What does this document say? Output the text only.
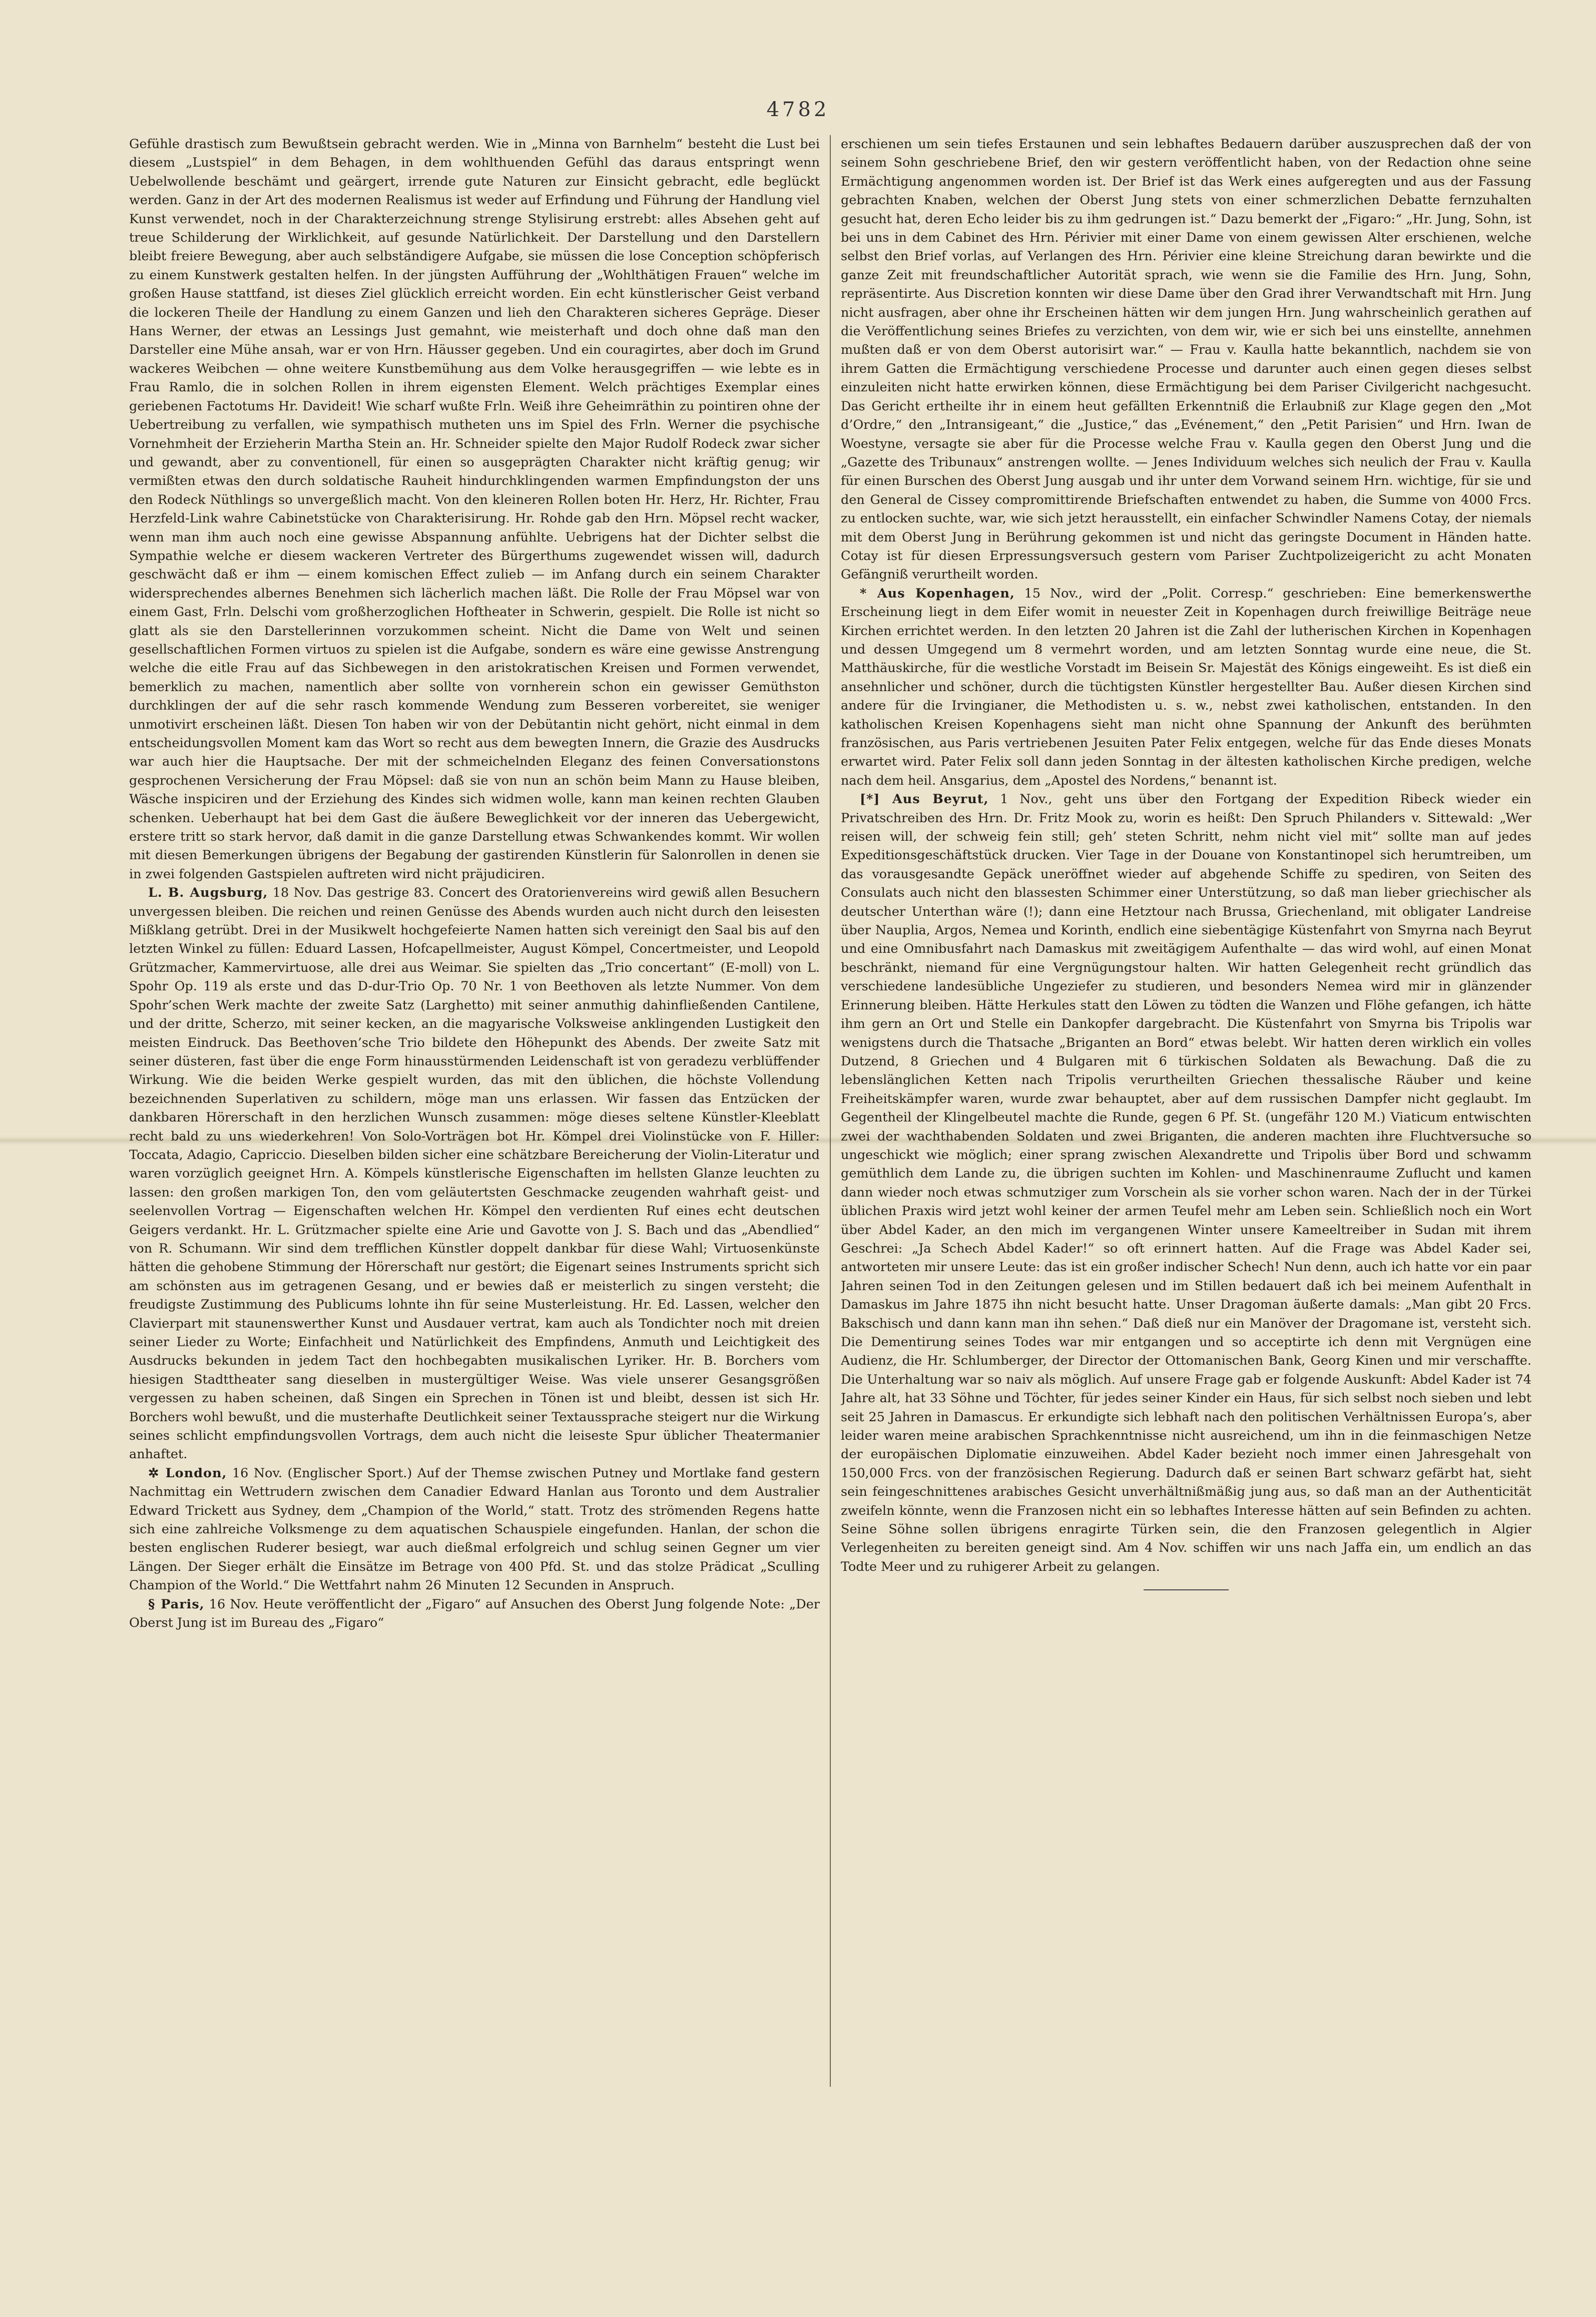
4782

Gefühle drastisch zum Bewußtsein gebracht werden. Wie in „Minna von Barnhelm“ besteht die Lust bei diesem „Lustspiel“ in dem Behagen, in dem wohlthuenden Gefühl das daraus entspringt wenn Uebelwollende beschämt und geärgert, irrende gute Naturen zur Einsicht gebracht, edle beglückt werden. Ganz in der Art des modernen Realismus ist weder auf Erfindung und Führung der Handlung viel Kunst verwendet, noch in der Charakterzeichnung strenge Stylisirung erstrebt: alles Absehen geht auf treue Schilderung der Wirklichkeit, auf gesunde Natürlichkeit. Der Darstellung und den Darstellern bleibt freiere Bewegung, aber auch selbständigere Aufgabe, sie müssen die lose Conception schöpferisch zu einem Kunstwerk gestalten helfen. In der jüngsten Aufführung der „Wohlthätigen Frauen“ welche im großen Hause stattfand, ist dieses Ziel glücklich erreicht worden. Ein echt künstlerischer Geist verband die lockeren Theile der Handlung zu einem Ganzen und lieh den Charakteren sicheres Gepräge. Dieser Hans Werner, der etwas an Lessings Just gemahnt, wie meisterhaft und doch ohne daß man den Darsteller eine Mühe ansah, war er von Hrn. Häusser gegeben. Und ein couragirtes, aber doch im Grund wackeres Weibchen — ohne weitere Kunstbemühung aus dem Volke herausgegriffen — wie lebte es in Frau Ramlo, die in solchen Rollen in ihrem eigensten Element. Welch prächtiges Exemplar eines geriebenen Factotums Hr. Davideit! Wie scharf wußte Frln. Weiß ihre Geheimräthin zu pointiren ohne der Uebertreibung zu verfallen, wie sympathisch mutheten uns im Spiel des Frln. Werner die psychische Vornehmheit der Erzieherin Martha Stein an. Hr. Schneider spielte den Major Rudolf Rodeck zwar sicher und gewandt, aber zu conventionell, für einen so ausgeprägten Charakter nicht kräftig genug; wir vermißten etwas den durch soldatische Rauheit hindurchklingenden warmen Empfindungston der uns den Rodeck Nüthlings so unvergeßlich macht. Von den kleineren Rollen boten Hr. Herz, Hr. Richter, Frau Herzfeld-Link wahre Cabinetstücke von Charakterisirung. Hr. Rohde gab den Hrn. Möpsel recht wacker, wenn man ihm auch noch eine gewisse Abspannung anfühlte. Uebrigens hat der Dichter selbst die Sympathie welche er diesem wackeren Vertreter des Bürgerthums zugewendet wissen will, dadurch geschwächt daß er ihm — einem komischen Effect zulieb — im Anfang durch ein seinem Charakter widersprechendes albernes Benehmen sich lächerlich machen läßt. Die Rolle der Frau Möpsel war von einem Gast, Frln. Delschi vom großherzoglichen Hoftheater in Schwerin, gespielt. Die Rolle ist nicht so glatt als sie den Darstellerinnen vorzukommen scheint. Nicht die Dame von Welt und seinen gesellschaftlichen Formen virtuos zu spielen ist die Aufgabe, sondern es wäre eine gewisse Anstrengung welche die eitle Frau auf das Sichbewegen in den aristokratischen Kreisen und Formen verwendet, bemerklich zu machen, namentlich aber sollte von vornherein schon ein gewisser Gemüthston durchklingen der auf die sehr rasch kommende Wendung zum Besseren vorbereitet, sie weniger unmotivirt erscheinen läßt. Diesen Ton haben wir von der Debütantin nicht gehört, nicht einmal in dem entscheidungsvollen Moment kam das Wort so recht aus dem bewegten Innern, die Grazie des Ausdrucks war auch hier die Hauptsache. Der mit der schmeichelnden Eleganz des feinen Conversationstons gesprochenen Versicherung der Frau Möpsel: daß sie von nun an schön beim Mann zu Hause bleiben, Wäsche inspiciren und der Erziehung des Kindes sich widmen wolle, kann man keinen rechten Glauben schenken. Ueberhaupt hat bei dem Gast die äußere Beweglichkeit vor der inneren das Uebergewicht, erstere tritt so stark hervor, daß damit in die ganze Darstellung etwas Schwankendes kommt. Wir wollen mit diesen Bemerkungen übrigens der Begabung der gastirenden Künstlerin für Salonrollen in denen sie in zwei folgenden Gastspielen auftreten wird nicht präjudiciren.

L. B. Augsburg, 18 Nov. Das gestrige 83. Concert des Oratorienvereins wird gewiß allen Besuchern unvergessen bleiben. Die reichen und reinen Genüsse des Abends wurden auch nicht durch den leisesten Mißklang getrübt. Drei in der Musikwelt hochgefeierte Namen hatten sich vereinigt den Saal bis auf den letzten Winkel zu füllen: Eduard Lassen, Hofcapellmeister, August Kömpel, Concertmeister, und Leopold Grützmacher, Kammervirtuose, alle drei aus Weimar. Sie spielten das „Trio concertant“ (E-moll) von L. Spohr Op. 119 als erste und das D-dur-Trio Op. 70 Nr. 1 von Beethoven als letzte Nummer. Von dem Spohr’schen Werk machte der zweite Satz (Larghetto) mit seiner anmuthig dahinfließenden Cantilene, und der dritte, Scherzo, mit seiner kecken, an die magyarische Volksweise anklingenden Lustigkeit den meisten Eindruck. Das Beethoven’sche Trio bildete den Höhepunkt des Abends. Der zweite Satz mit seiner düsteren, fast über die enge Form hinausstürmenden Leidenschaft ist von geradezu verblüffender Wirkung. Wie die beiden Werke gespielt wurden, das mit den üblichen, die höchste Vollendung bezeichnenden Superlativen zu schildern, möge man uns erlassen. Wir fassen das Entzücken der dankbaren Hörerschaft in den herzlichen Wunsch zusammen: möge dieses seltene Künstler-Kleeblatt recht bald zu uns wiederkehren! Von Solo-Vorträgen bot Hr. Kömpel drei Violinstücke von F. Hiller: Toccata, Adagio, Capriccio. Dieselben bilden sicher eine schätzbare Bereicherung der Violin-Literatur und waren vorzüglich geeignet Hrn. A. Kömpels künstlerische Eigenschaften im hellsten Glanze leuchten zu lassen: den großen markigen Ton, den vom geläutertsten Geschmacke zeugenden wahrhaft geist- und seelenvollen Vortrag — Eigenschaften welchen Hr. Kömpel den verdienten Ruf eines echt deutschen Geigers verdankt. Hr. L. Grützmacher spielte eine Arie und Gavotte von J. S. Bach und das „Abendlied“ von R. Schumann. Wir sind dem trefflichen Künstler doppelt dankbar für diese Wahl; Virtuosenkünste hätten die gehobene Stimmung der Hörerschaft nur gestört; die Eigenart seines Instruments spricht sich am schönsten aus im getragenen Gesang, und er bewies daß er meisterlich zu singen versteht; die freudigste Zustimmung des Publicums lohnte ihn für seine Musterleistung. Hr. Ed. Lassen, welcher den Clavierpart mit staunenswerther Kunst und Ausdauer vertrat, kam auch als Tondichter noch mit dreien seiner Lieder zu Worte; Einfachheit und Natürlichkeit des Empfindens, Anmuth und Leichtigkeit des Ausdrucks bekunden in jedem Tact den hochbegabten musikalischen Lyriker. Hr. B. Borchers vom hiesigen Stadttheater sang dieselben in mustergültiger Weise. Was viele unserer Gesangsgrößen vergessen zu haben scheinen, daß Singen ein Sprechen in Tönen ist und bleibt, dessen ist sich Hr. Borchers wohl bewußt, und die musterhafte Deutlichkeit seiner Textaussprache steigert nur die Wirkung seines schlicht empfindungsvollen Vortrags, dem auch nicht die leiseste Spur üblicher Theatermanier anhaftet.

✲ London, 16 Nov. (Englischer Sport.) Auf der Themse zwischen Putney und Mortlake fand gestern Nachmittag ein Wettrudern zwischen dem Canadier Edward Hanlan aus Toronto und dem Australier Edward Trickett aus Sydney, dem „Champion of the World,“ statt. Trotz des strömenden Regens hatte sich eine zahlreiche Volksmenge zu dem aquatischen Schauspiele eingefunden. Hanlan, der schon die besten englischen Ruderer besiegt, war auch dießmal erfolgreich und schlug seinen Gegner um vier Längen. Der Sieger erhält die Einsätze im Betrage von 400 Pfd. St. und das stolze Prädicat „Sculling Champion of the World.“ Die Wettfahrt nahm 26 Minuten 12 Secunden in Anspruch.

§ Paris, 16 Nov. Heute veröffentlicht der „Figaro“ auf Ansuchen des Oberst Jung folgende Note: „Der Oberst Jung ist im Bureau des „Figaro“

erschienen um sein tiefes Erstaunen und sein lebhaftes Bedauern darüber auszusprechen daß der von seinem Sohn geschriebene Brief, den wir gestern veröffentlicht haben, von der Redaction ohne seine Ermächtigung angenommen worden ist. Der Brief ist das Werk eines aufgeregten und aus der Fassung gebrachten Knaben, welchen der Oberst Jung stets von einer schmerzlichen Debatte fernzuhalten gesucht hat, deren Echo leider bis zu ihm gedrungen ist.“ Dazu bemerkt der „Figaro:“ „Hr. Jung, Sohn, ist bei uns in dem Cabinet des Hrn. Périvier mit einer Dame von einem gewissen Alter erschienen, welche selbst den Brief vorlas, auf Verlangen des Hrn. Périvier eine kleine Streichung daran bewirkte und die ganze Zeit mit freundschaftlicher Autorität sprach, wie wenn sie die Familie des Hrn. Jung, Sohn, repräsentirte. Aus Discretion konnten wir diese Dame über den Grad ihrer Verwandtschaft mit Hrn. Jung nicht ausfragen, aber ohne ihr Erscheinen hätten wir dem jungen Hrn. Jung wahrscheinlich gerathen auf die Veröffentlichung seines Briefes zu verzichten, von dem wir, wie er sich bei uns einstellte, annehmen mußten daß er von dem Oberst autorisirt war.“ — Frau v. Kaulla hatte bekanntlich, nachdem sie von ihrem Gatten die Ermächtigung verschiedene Processe und darunter auch einen gegen dieses selbst einzuleiten nicht hatte erwirken können, diese Ermächtigung bei dem Pariser Civilgericht nachgesucht. Das Gericht ertheilte ihr in einem heut gefällten Erkenntniß die Erlaubniß zur Klage gegen den „Mot d’Ordre,“ den „Intransigeant,“ die „Justice,“ das „Evénement,“ den „Petit Parisien“ und Hrn. Iwan de Woestyne, versagte sie aber für die Processe welche Frau v. Kaulla gegen den Oberst Jung und die „Gazette des Tribunaux“ anstrengen wollte. — Jenes Individuum welches sich neulich der Frau v. Kaulla für einen Burschen des Oberst Jung ausgab und ihr unter dem Vorwand seinem Hrn. wichtige, für sie und den General de Cissey compromittirende Briefschaften entwendet zu haben, die Summe von 4000 Frcs. zu entlocken suchte, war, wie sich jetzt herausstellt, ein einfacher Schwindler Namens Cotay, der niemals mit dem Oberst Jung in Berührung gekommen ist und nicht das geringste Document in Händen hatte. Cotay ist für diesen Erpressungsversuch gestern vom Pariser Zuchtpolizeigericht zu acht Monaten Gefängniß verurtheilt worden.

* Aus Kopenhagen, 15 Nov., wird der „Polit. Corresp.“ geschrieben: Eine bemerkenswerthe Erscheinung liegt in dem Eifer womit in neuester Zeit in Kopenhagen durch freiwillige Beiträge neue Kirchen errichtet werden. In den letzten 20 Jahren ist die Zahl der lutherischen Kirchen in Kopenhagen und dessen Umgegend um 8 vermehrt worden, und am letzten Sonntag wurde eine neue, die St. Matthäuskirche, für die westliche Vorstadt im Beisein Sr. Majestät des Königs eingeweiht. Es ist dieß ein ansehnlicher und schöner, durch die tüchtigsten Künstler hergestellter Bau. Außer diesen Kirchen sind andere für die Irvingianer, die Methodisten u. s. w., nebst zwei katholischen, entstanden. In den katholischen Kreisen Kopenhagens sieht man nicht ohne Spannung der Ankunft des berühmten französischen, aus Paris vertriebenen Jesuiten Pater Felix entgegen, welche für das Ende dieses Monats erwartet wird. Pater Felix soll dann jeden Sonntag in der ältesten katholischen Kirche predigen, welche nach dem heil. Ansgarius, dem „Apostel des Nordens,“ benannt ist.

[*] Aus Beyrut, 1 Nov., geht uns über den Fortgang der Expedition Ribeck wieder ein Privatschreiben des Hrn. Dr. Fritz Mook zu, worin es heißt: Den Spruch Philanders v. Sittewald: „Wer reisen will, der schweig fein still; geh’ steten Schritt, nehm nicht viel mit“ sollte man auf jedes Expeditionsgeschäftstück drucken. Vier Tage in der Douane von Konstantinopel sich herumtreiben, um das vorausgesandte Gepäck uneröffnet wieder auf abgehende Schiffe zu spediren, von Seiten des Consulats auch nicht den blassesten Schimmer einer Unterstützung, so daß man lieber griechischer als deutscher Unterthan wäre (!); dann eine Hetztour nach Brussa, Griechenland, mit obligater Landreise über Nauplia, Argos, Nemea und Korinth, endlich eine siebentägige Küstenfahrt von Smyrna nach Beyrut und eine Omnibusfahrt nach Damaskus mit zweitägigem Aufenthalte — das wird wohl, auf einen Monat beschränkt, niemand für eine Vergnügungstour halten. Wir hatten Gelegenheit recht gründlich das verschiedene landesübliche Ungeziefer zu studieren, und besonders Nemea wird mir in glänzender Erinnerung bleiben. Hätte Herkules statt den Löwen zu tödten die Wanzen und Flöhe gefangen, ich hätte ihm gern an Ort und Stelle ein Dankopfer dargebracht. Die Küstenfahrt von Smyrna bis Tripolis war wenigstens durch die Thatsache „Briganten an Bord“ etwas belebt. Wir hatten deren wirklich ein volles Dutzend, 8 Griechen und 4 Bulgaren mit 6 türkischen Soldaten als Bewachung. Daß die zu lebenslänglichen Ketten nach Tripolis verurtheilten Griechen thessalische Räuber und keine Freiheitskämpfer waren, wurde zwar behauptet, aber auf dem russischen Dampfer nicht geglaubt. Im Gegentheil der Klingelbeutel machte die Runde, gegen 6 Pf. St. (ungefähr 120 M.) Viaticum entwischten zwei der wachthabenden Soldaten und zwei Briganten, die anderen machten ihre Fluchtversuche so ungeschickt wie möglich; einer sprang zwischen Alexandrette und Tripolis über Bord und schwamm gemüthlich dem Lande zu, die übrigen suchten im Kohlen- und Maschinenraume Zuflucht und kamen dann wieder noch etwas schmutziger zum Vorschein als sie vorher schon waren. Nach der in der Türkei üblichen Praxis wird jetzt wohl keiner der armen Teufel mehr am Leben sein. Schließlich noch ein Wort über Abdel Kader, an den mich im vergangenen Winter unsere Kameeltreiber in Sudan mit ihrem Geschrei: „Ja Schech Abdel Kader!“ so oft erinnert hatten. Auf die Frage was Abdel Kader sei, antworteten mir unsere Leute: das ist ein großer indischer Schech! Nun denn, auch ich hatte vor ein paar Jahren seinen Tod in den Zeitungen gelesen und im Stillen bedauert daß ich bei meinem Aufenthalt in Damaskus im Jahre 1875 ihn nicht besucht hatte. Unser Dragoman äußerte damals: „Man gibt 20 Frcs. Bakschisch und dann kann man ihn sehen.“ Daß dieß nur ein Manöver der Dragomane ist, versteht sich. Die Dementirung seines Todes war mir entgangen und so acceptirte ich denn mit Vergnügen eine Audienz, die Hr. Schlumberger, der Director der Ottomanischen Bank, Georg Kinen und mir verschaffte. Die Unterhaltung war so naiv als möglich. Auf unsere Frage gab er folgende Auskunft: Abdel Kader ist 74 Jahre alt, hat 33 Söhne und Töchter, für jedes seiner Kinder ein Haus, für sich selbst noch sieben und lebt seit 25 Jahren in Damascus. Er erkundigte sich lebhaft nach den politischen Verhältnissen Europa’s, aber leider waren meine arabischen Sprachkenntnisse nicht ausreichend, um ihn in die feinmaschigen Netze der europäischen Diplomatie einzuweihen. Abdel Kader bezieht noch immer einen Jahresgehalt von 150,000 Frcs. von der französischen Regierung. Dadurch daß er seinen Bart schwarz gefärbt hat, sieht sein feingeschnittenes arabisches Gesicht unverhältnißmäßig jung aus, so daß man an der Authenticität zweifeln könnte, wenn die Franzosen nicht ein so lebhaftes Interesse hätten auf sein Befinden zu achten. Seine Söhne sollen übrigens enragirte Türken sein, die den Franzosen gelegentlich in Algier Verlegenheiten zu bereiten geneigt sind. Am 4 Nov. schiffen wir uns nach Jaffa ein, um endlich an das Todte Meer und zu ruhigerer Arbeit zu gelangen.
